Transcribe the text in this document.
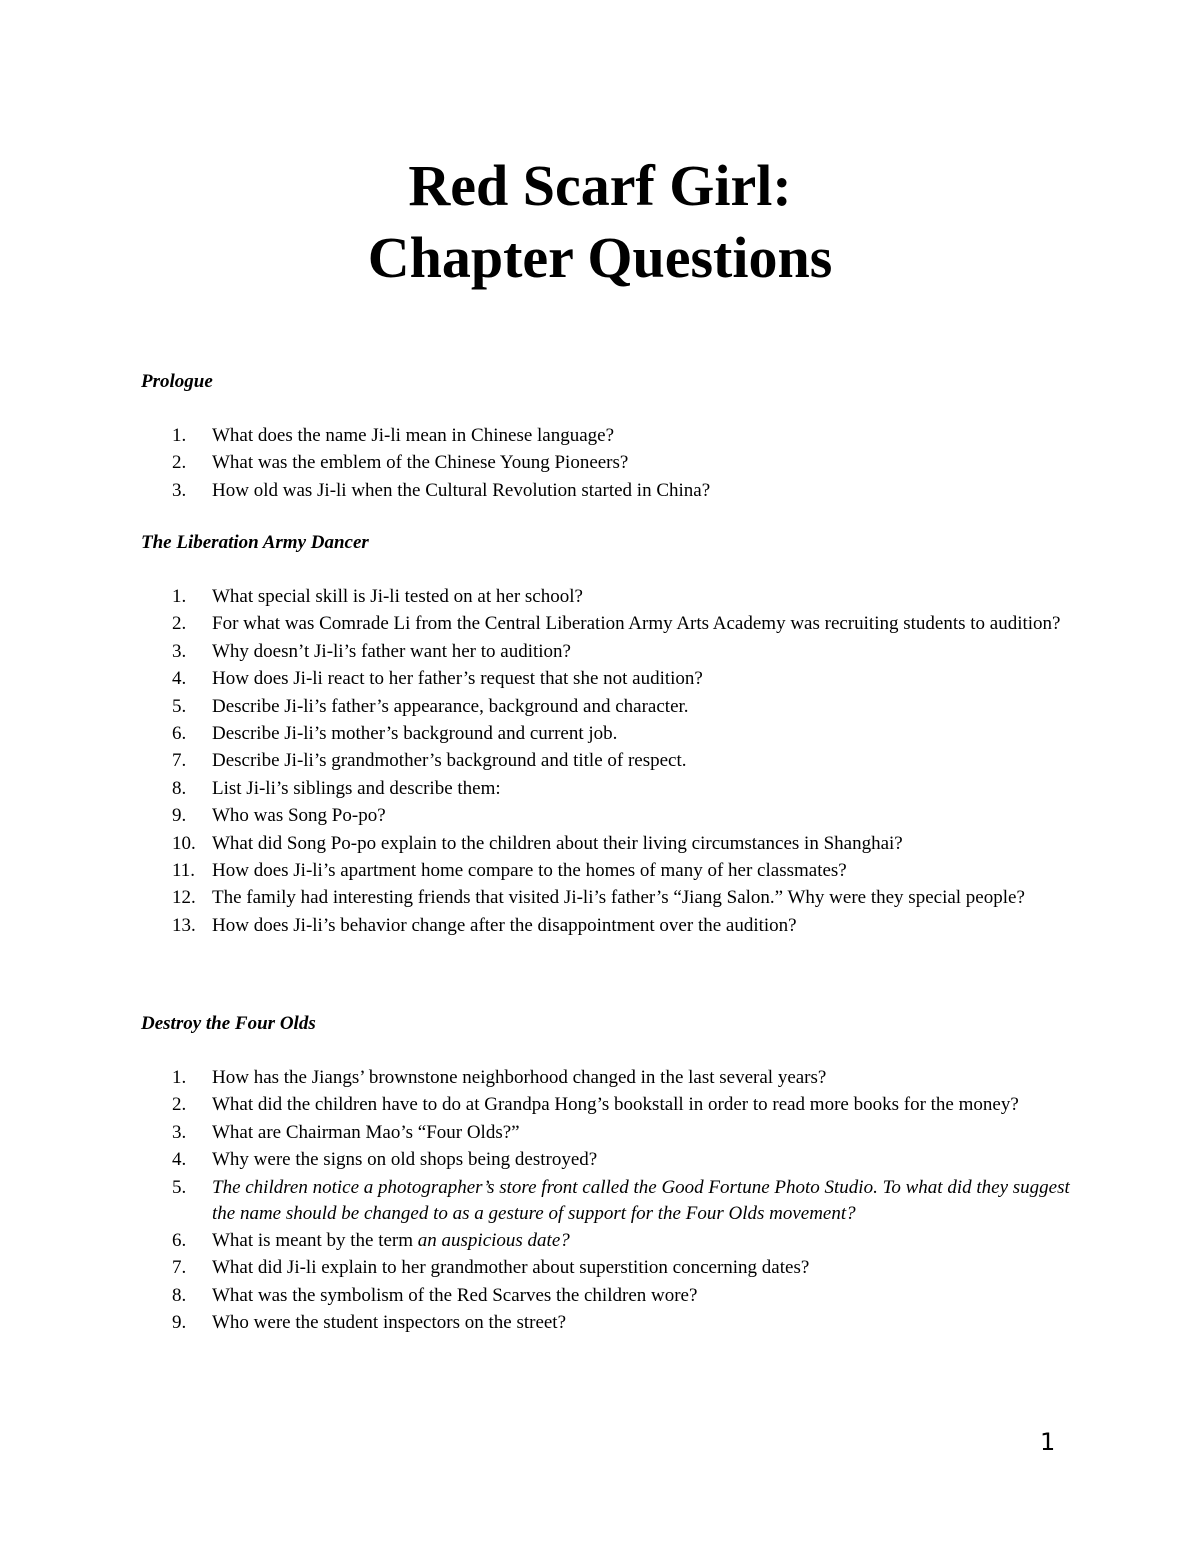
Red Scarf Girl:
Chapter Questions
Prologue
1.	What does the name Ji-li mean in Chinese language?
2.	What was the emblem of the Chinese Young Pioneers?
3.	How old was Ji-li when the Cultural Revolution started in China?
The Liberation Army Dancer
1.	What special skill is Ji-li tested on at her school?
2.	For what was Comrade Li from the Central Liberation Army Arts Academy was recruiting students to audition?
3.	Why doesn’t Ji-li’s father want her to audition?
4.	How does Ji-li react to her father’s request that she not audition?
5.	Describe Ji-li’s father’s appearance, background and character.
6.	Describe Ji-li’s mother’s background and current job.
7.	Describe Ji-li’s grandmother’s background and title of respect.
8.	List Ji-li’s siblings and describe them:
9.	Who was Song Po-po?
10. What did Song Po-po explain to the children about their living circumstances in Shanghai?
11. How does Ji-li’s apartment home compare to the homes of many of her classmates?
12. The family had interesting friends that visited Ji-li’s father’s “Jiang Salon.” Why were they special people?
13. How does Ji-li’s behavior change after the disappointment over the audition?
Destroy the Four Olds
1.	How has the Jiangs’ brownstone neighborhood changed in the last several years?
2.	What did the children have to do at Grandpa Hong’s bookstall in order to read more books for the money?
3.	What are Chairman Mao’s “Four Olds?”
4.	Why were the signs on old shops being destroyed?
5.	The children notice a photographer’s store front called the Good Fortune Photo Studio. To what did they suggest the name should be changed to as a gesture of support for the Four Olds movement?
6.	What is meant by the term an auspicious date?
7.	What did Ji-li explain to her grandmother about superstition concerning dates?
8.	What was the symbolism of the Red Scarves the children wore?
9.	Who were the student inspectors on the street?
1
